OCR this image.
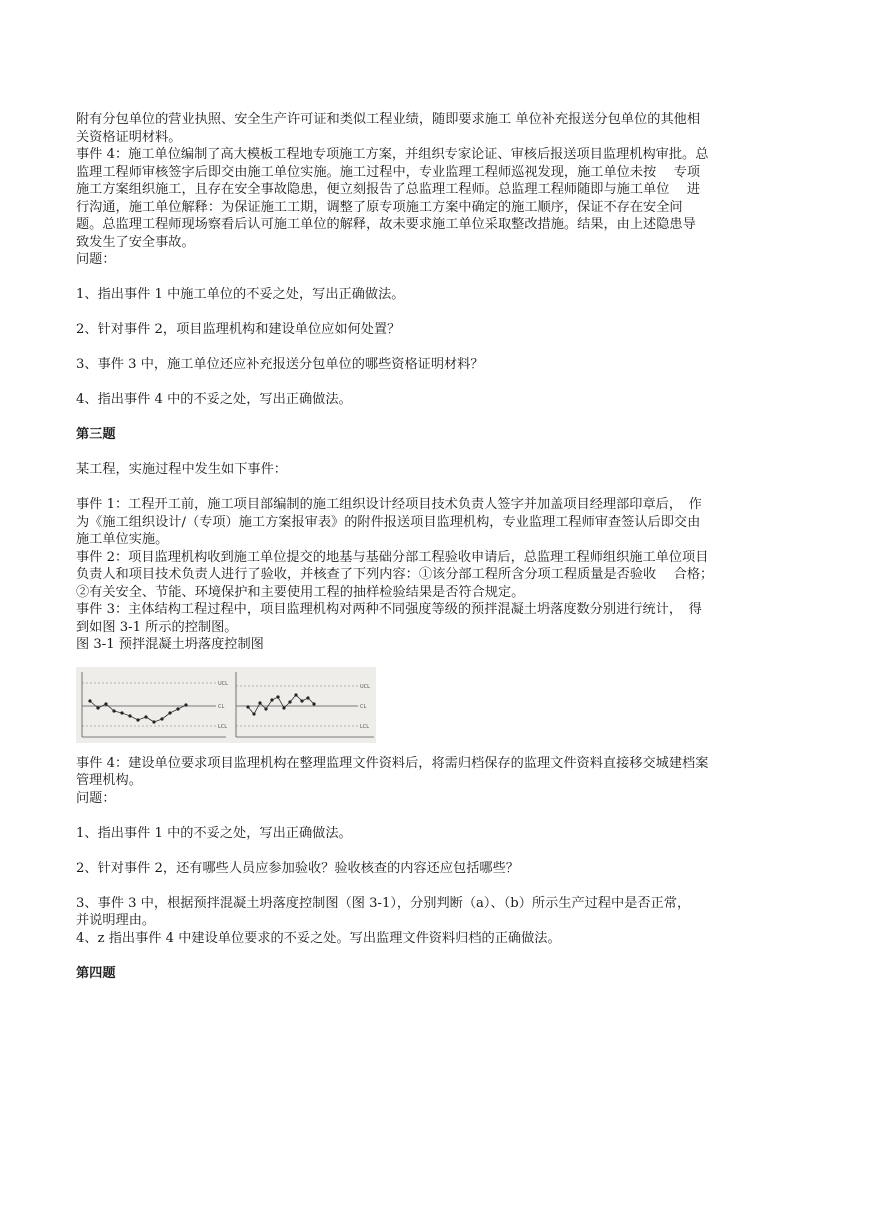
附有分包单位的营业执照、安全生产许可证和类似工程业绩，随即要求施工 单位补充报送分包单位的其他相
关资格证明材料。
事件 4：施工单位编制了高大模板工程地专项施工方案，并组织专家论证、审核后报送项目监理机构审批。总
监理工程师审核签字后即交由施工单位实施。施工过程中，专业监理工程师巡视发现，施工单位未按　 专项
施工方案组织施工，且存在安全事故隐患，便立刻报告了总监理工程师。总监理工程师随即与施工单位　 进
行沟通，施工单位解释：为保证施工工期，调整了原专项施工方案中确定的施工顺序，保证不存在安全问
题。总监理工程师现场察看后认可施工单位的解释，故未要求施工单位采取整改措施。结果，由上述隐患导
致发生了安全事故。
问题：
1、指出事件 1 中施工单位的不妥之处，写出正确做法。
2、针对事件 2，项目监理机构和建设单位应如何处置？
3、事件 3 中，施工单位还应补充报送分包单位的哪些资格证明材料？
4、指出事件 4 中的不妥之处，写出正确做法。
第三题
某工程，实施过程中发生如下事件：
事件 1：工程开工前，施工项目部编制的施工组织设计经项目技术负责人签字并加盖项目经理部印章后，　作
为《施工组织设计/（专项）施工方案报审表》的附件报送项目监理机构，专业监理工程师审查签认后即交由
施工单位实施。
事件 2：项目监理机构收到施工单位提交的地基与基础分部工程验收申请后，总监理工程师组织施工单位项目
负责人和项目技术负责人进行了验收，并核查了下列内容：①该分部工程所含分项工程质量是否验收　 合格；
②有关安全、节能、环境保护和主要使用工程的抽样检验结果是否符合规定。
事件 3：主体结构工程过程中，项目监理机构对两种不同强度等级的预拌混凝土坍落度数分别进行统计，　得
到如图 3-1 所示的控制图。
图 3-1 预拌混凝土坍落度控制图
UCL
CL
LCL
UCL
CL
LCL
事件 4：建设单位要求项目监理机构在整理监理文件资料后，将需归档保存的监理文件资料直接移交城建档案
管理机构。
问题：
1、指出事件 1 中的不妥之处，写出正确做法。
2、针对事件 2，还有哪些人员应参加验收？验收核查的内容还应包括哪些？
3、事件 3 中，根据预拌混凝土坍落度控制图（图 3-1），分别判断（a）、（b）所示生产过程中是否正常，
并说明理由。
4、z 指出事件 4 中建设单位要求的不妥之处。写出监理文件资料归档的正确做法。
第四题
